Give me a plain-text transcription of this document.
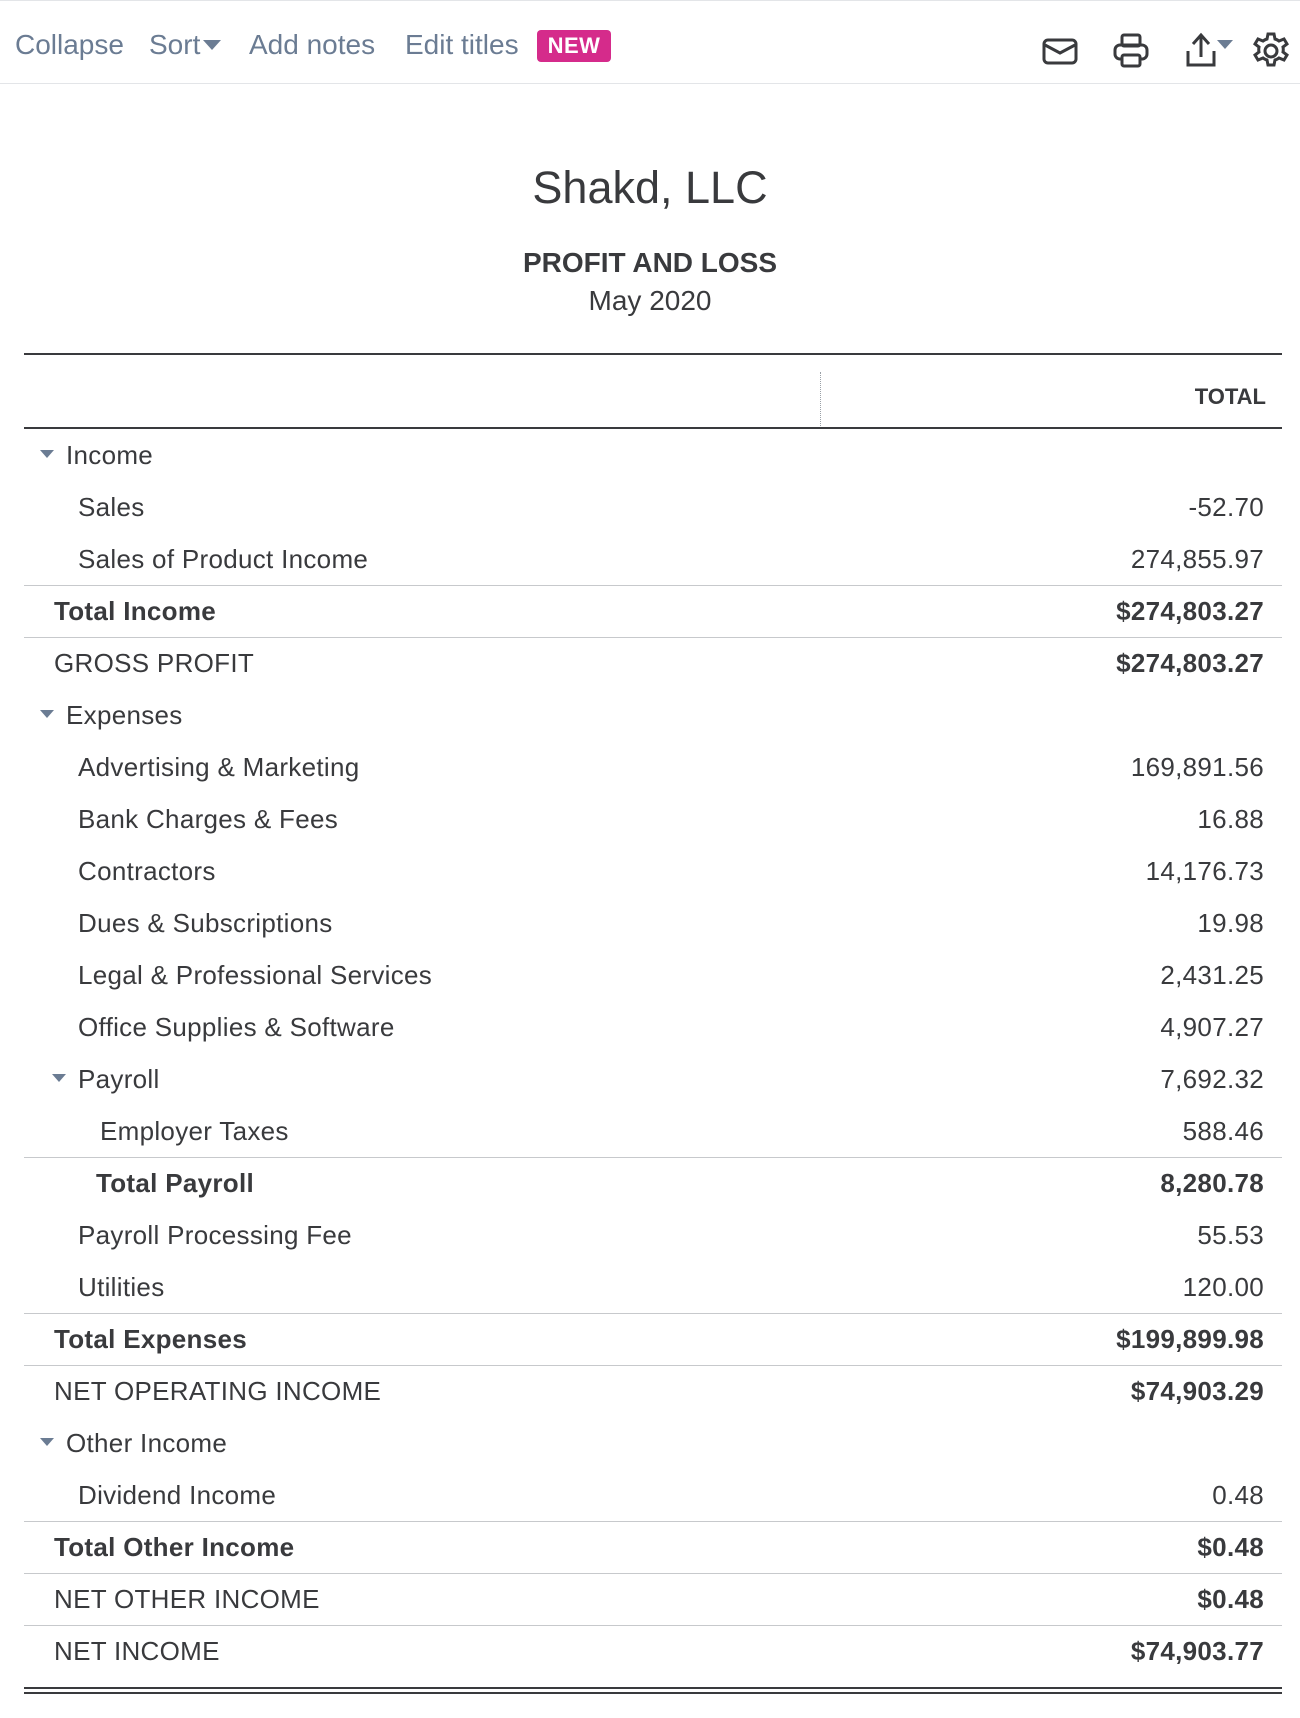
Collapse Sort	Add notes Edit titles	NEW
Shakd, LLC
PROFIT AND LOSS
May 2020
TOTAL
Income
Sales	-52.70
Sales of Product Income	274,855.97
Total Income	$274,803.27
GROSS PROFIT	$274,803.27
Expenses
Advertising & Marketing	169,891.56
Bank Charges & Fees	16.88
Contractors	14,176.73
Dues & Subscriptions	19.98
Legal & Professional Services	2,431.25
Office Supplies & Software	4,907.27
Payroll	7,692.32
Employer Taxes	588.46
Total Payroll	8,280.78
Payroll Processing Fee	55.53
Utilities	120.00
Total Expenses	$199,899.98
NET OPERATING INCOME	$74,903.29
Other Income
Dividend Income	0.48
Total Other Income	$0.48
NET OTHER INCOME	$0.48
NET INCOME	$74,903.77
